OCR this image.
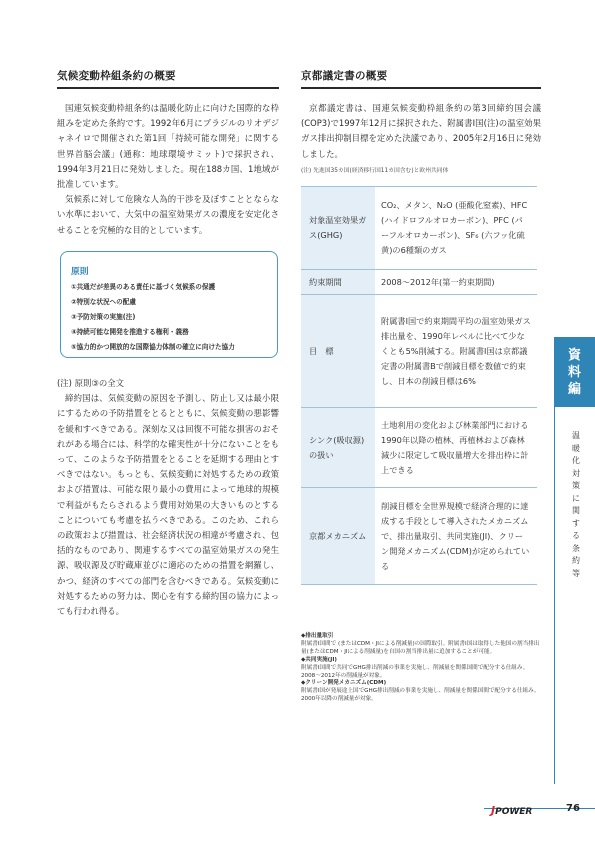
気候変動枠組条約の概要

国連気候変動枠組条約は温暖化防止に向けた国際的な枠組みを定めた条約です。1992年6月にブラジルのリオデジャネイロで開催された第1回「持続可能な開発」に関する世界首脳会議」(通称：地球環境サミット)で採択され、1994年3月21日に発効しました。現在188カ国、1地域が批准しています。

気候系に対して危険な人為的干渉を及ぼすこととならない水準において、大気中の温室効果ガスの濃度を安定化させることを究極的な目的としています。

原則
①共通だが差異のある責任に基づく気候系の保護
②特別な状況への配慮
③予防対策の実施(注)
④持続可能な開発を推進する権利・義務
⑤協力的かつ開放的な国際協力体制の確立に向けた協力

(注) 原則③の全文

締約国は、気候変動の原因を予測し、防止し又は最小限にするための予防措置をとるとともに、気候変動の悪影響を緩和すべきである。深刻な又は回復不可能な損害のおそれがある場合には、科学的な確実性が十分にないことをもって、このような予防措置をとることを延期する理由とすべきではない。もっとも、気候変動に対処するための政策および措置は、可能な限り最小の費用によって地球的規模で利益がもたらされるよう費用対効果の大きいものとすることについても考慮を払うべきである。このため、これらの政策および措置は、社会経済状況の相違が考慮され、包括的なものであり、関連するすべての温室効果ガスの発生源、吸収源及び貯蔵庫並びに適応のための措置を網羅し、かつ、経済のすべての部門を含むべきである。気候変動に対処するための努力は、関心を有する締約国の協力によっても行われ得る。

京都議定書の概要

京都議定書は、国連気候変動枠組条約の第3回締約国会議(COP3)で1997年12月に採択された、附属書Ⅰ国(注)の温室効果ガス排出抑制目標を定めた決議であり、2005年2月16日に発効しました。

(注) 先進国35カ国(経済移行国11カ国含む)と欧州共同体
対象温室効果ガス(GHG)	CO₂、メタン、N₂O (亜酸化窒素)、HFC (ハイドロフルオロカーボン)、PFC (パーフルオロカーボン)、SF₆ (六フッ化硫黄)の6種類のガス

約束期間	2008～2012年(第一約束期間)

目　標	附属書Ⅰ国で約束期間平均の温室効果ガス排出量を、1990年レベルに比べて少なくとも5%削減する。附属書Ⅰ国は京都議定書の附属書Bで削減目標を数値で約束し、日本の削減目標は6%

シンク(吸収源)の扱い	土地利用の変化および林業部門における1990年以降の植林、再植林および森林減少に限定して吸収量増大を排出枠に計上できる

京都メカニズム	削減目標を全世界規模で経済合理的に達成する手段として導入されたメカニズムで、排出量取引、共同実施(JI)、クリーン開発メカニズム(CDM)が定められている
◆排出量取引
附属書Ⅰ国間で (またはCDM・JIによる削減量)の国際取引。附属書Ⅰ国は取得した他国の割当排出量(またはCDM・JIによる削減量)を自国の割当排出量に追加することが可能。
◆共同実施(JI)
附属書Ⅰ国間で共同でGHG排出削減の事業を実施し、削減量を関係国間で配分する仕組み。2008～2012年の削減量が対象。
◆クリーン開発メカニズム(CDM)
附属書Ⅰ国が発展途上国でGHG排出削減の事業を実施し、削減量を関係国間で配分する仕組み。2000年以降の削減量が対象。
資
料
編
温
暖
化
対
策
に
関
す
る
条
約
等
JPOWER	76
